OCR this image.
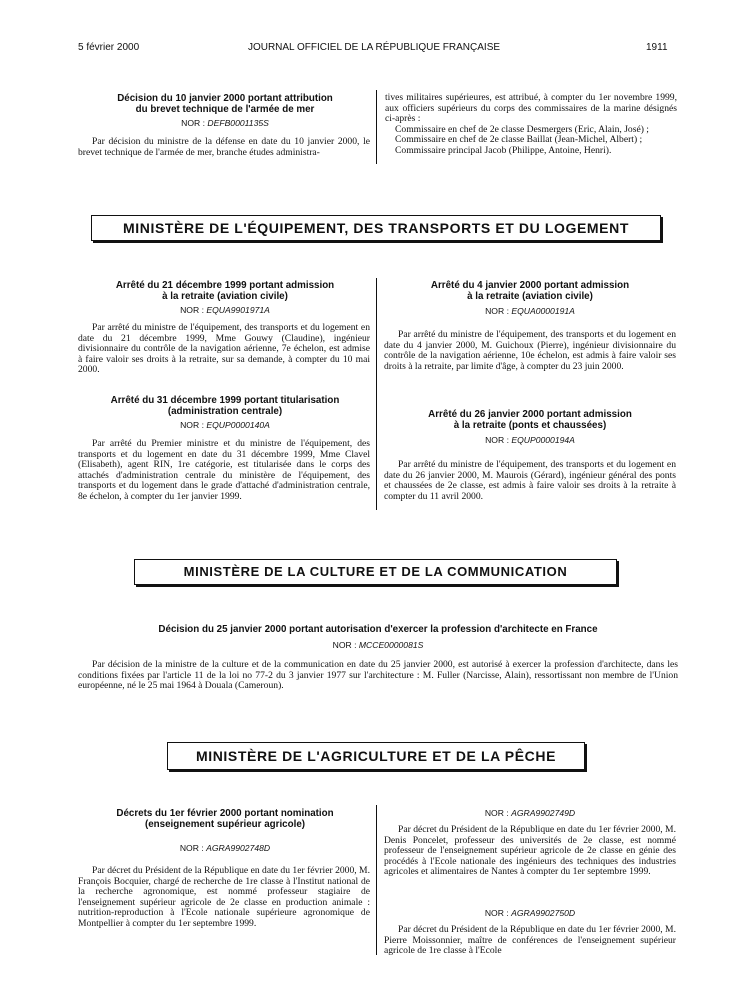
5 février 2000	JOURNAL OFFICIEL DE LA RÉPUBLIQUE FRANÇAISE	1911
Décision du 10 janvier 2000 portant attribution
du brevet technique de l'armée de mer
NOR : DEFB0001135S

Par décision du ministre de la défense en date du 10 janvier 2000, le brevet technique de l'armée de mer, branche études administra-

tives militaires supérieures, est attribué, à compter du 1er novembre 1999, aux officiers supérieurs du corps des commissaires de la marine désignés ci-après :

Commissaire en chef de 2e classe Desmergers (Eric, Alain, José) ;

Commissaire en chef de 2e classe Baillat (Jean-Michel, Albert) ;

Commissaire principal Jacob (Philippe, Antoine, Henri).

MINISTÈRE DE L'ÉQUIPEMENT, DES TRANSPORTS ET DU LOGEMENT
Arrêté du 21 décembre 1999 portant admission
à la retraite (aviation civile)
NOR : EQUA9901971A

Par arrêté du ministre de l'équipement, des transports et du logement en date du 21 décembre 1999, Mme Gouwy (Claudine), ingénieur divisionnaire du contrôle de la navigation aérienne, 7e échelon, est admise à faire valoir ses droits à la retraite, sur sa demande, à compter du 10 mai 2000.

Arrêté du 31 décembre 1999 portant titularisation
(administration centrale)
NOR : EQUP0000140A

Par arrêté du Premier ministre et du ministre de l'équipement, des transports et du logement en date du 31 décembre 1999, Mme Clavel (Elisabeth), agent RIN, 1re catégorie, est titularisée dans le corps des attachés d'administration centrale du ministère de l'équipement, des transports et du logement dans le grade d'attaché d'administration centrale, 8e échelon, à compter du 1er janvier 1999.

Arrêté du 4 janvier 2000 portant admission
à la retraite (aviation civile)
NOR : EQUA0000191A

Par arrêté du ministre de l'équipement, des transports et du logement en date du 4 janvier 2000, M. Guichoux (Pierre), ingénieur divisionnaire du contrôle de la navigation aérienne, 10e échelon, est admis à faire valoir ses droits à la retraite, par limite d'âge, à compter du 23 juin 2000.

Arrêté du 26 janvier 2000 portant admission
à la retraite (ponts et chaussées)
NOR : EQUP0000194A

Par arrêté du ministre de l'équipement, des transports et du logement en date du 26 janvier 2000, M. Maurois (Gérard), ingénieur général des ponts et chaussées de 2e classe, est admis à faire valoir ses droits à la retraite à compter du 11 avril 2000.

MINISTÈRE DE LA CULTURE ET DE LA COMMUNICATION
Décision du 25 janvier 2000 portant autorisation d'exercer la profession d'architecte en France
NOR : MCCE0000081S

Par décision de la ministre de la culture et de la communication en date du 25 janvier 2000, est autorisé à exercer la profession d'architecte, dans les conditions fixées par l'article 11 de la loi no 77-2 du 3 janvier 1977 sur l'architecture : M. Fuller (Narcisse, Alain), ressortissant non membre de l'Union européenne, né le 25 mai 1964 à Douala (Cameroun).

MINISTÈRE DE L'AGRICULTURE ET DE LA PÊCHE
Décrets du 1er février 2000 portant nomination
(enseignement supérieur agricole)
NOR : AGRA9902748D

Par décret du Président de la République en date du 1er février 2000, M. François Bocquier, chargé de recherche de 1re classe à l'Institut national de la recherche agronomique, est nommé professeur stagiaire de l'enseignement supérieur agricole de 2e classe en production animale : nutrition-reproduction à l'Ecole nationale supérieure agronomique de Montpellier à compter du 1er septembre 1999.

NOR : AGRA9902749D

Par décret du Président de la République en date du 1er février 2000, M. Denis Poncelet, professeur des universités de 2e classe, est nommé professeur de l'enseignement supérieur agricole de 2e classe en génie des procédés à l'Ecole nationale des ingénieurs des techniques des industries agricoles et alimentaires de Nantes à compter du 1er septembre 1999.

NOR : AGRA9902750D

Par décret du Président de la République en date du 1er février 2000, M. Pierre Moissonnier, maître de conférences de l'enseignement supérieur agricole de 1re classe à l'Ecole
